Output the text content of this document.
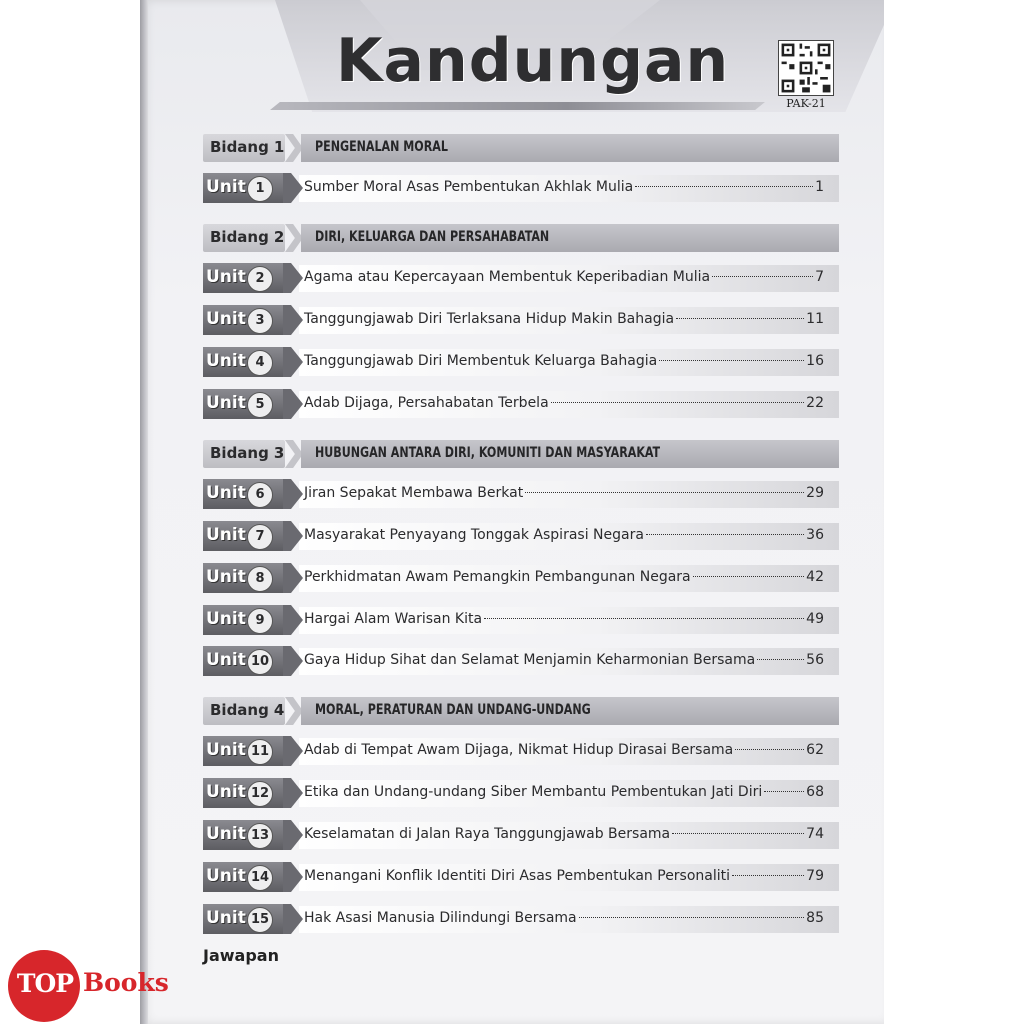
Kandungan
PAK-21
Bidang 1 PENGENALAN MORAL
Unit 1	Sumber Moral Asas Pembentukan Akhlak Mulia	1
Bidang 2 DIRI, KELUARGA DAN PERSAHABATAN
Unit 2	Agama atau Kepercayaan Membentuk Keperibadian Mulia	7
Unit 3	Tanggungjawab Diri Terlaksana Hidup Makin Bahagia	11
Unit 4	Tanggungjawab Diri Membentuk Keluarga Bahagia	16
Unit 5	Adab Dijaga, Persahabatan Terbela	22
Bidang 3 HUBUNGAN ANTARA DIRI, KOMUNITI DAN MASYARAKAT
Unit 6	Jiran Sepakat Membawa Berkat	29
Unit 7	Masyarakat Penyayang Tonggak Aspirasi Negara	36
Unit 8	Perkhidmatan Awam Pemangkin Pembangunan Negara	42
Unit 9	Hargai Alam Warisan Kita	49
Unit 10 Gaya Hidup Sihat dan Selamat Menjamin Keharmonian Bersama	56
Bidang 4 MORAL, PERATURAN DAN UNDANG-UNDANG
Unit 11 Adab di Tempat Awam Dijaga, Nikmat Hidup Dirasai Bersama	62
Unit 12 Etika dan Undang-undang Siber Membantu Pembentukan Jati Diri	68
Unit 13 Keselamatan di Jalan Raya Tanggungjawab Bersama	74
Unit 14 Menangani Konflik Identiti Diri Asas Pembentukan Personaliti	79
Unit 15 Hak Asasi Manusia Dilindungi Bersama	85
Jawapan
TOP Books
